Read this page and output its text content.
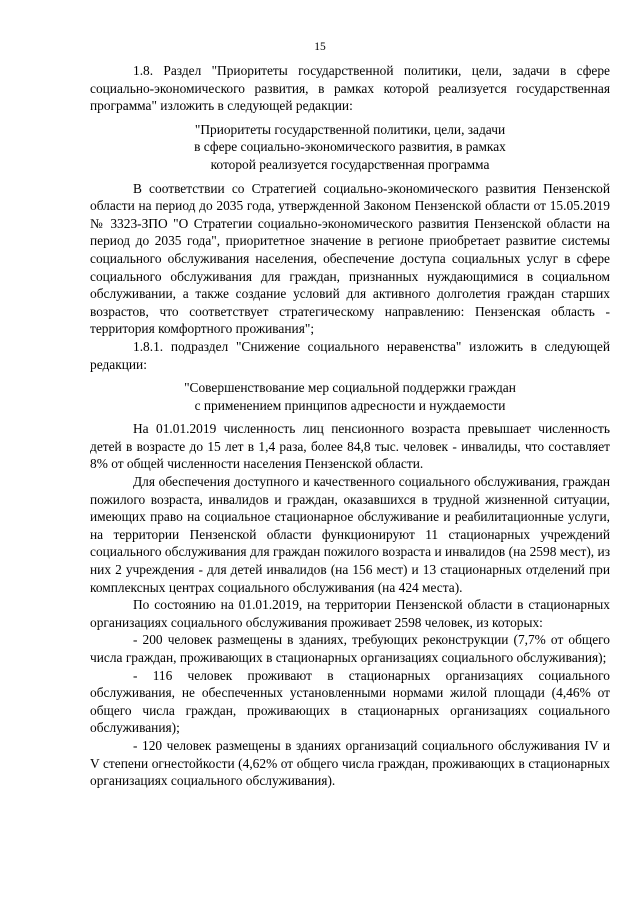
15

1.8. Раздел "Приоритеты государственной политики, цели, задачи в сфере социально-экономического развития, в рамках которой реализуется государственная программа" изложить в следующей редакции:

"Приоритеты государственной политики, цели, задачи

в сфере социально-экономического развития, в рамках

которой реализуется государственная программа

В соответствии со Стратегией социально-экономического развития Пензенской области на период до 2035 года, утвержденной Законом Пензенской области от 15.05.2019 № 3323-ЗПО "О Стратегии социально-экономического развития Пензенской области на период до 2035 года", приоритетное значение в регионе приобретает развитие системы социального обслуживания населения, обеспечение доступа социальных услуг в сфере социального обслуживания для граждан, признанных нуждающимися в социальном обслуживании, а также создание условий для активного долголетия граждан старших возрастов, что соответствует стратегическому направлению: Пензенская область - территория комфортного проживания";

1.8.1. подраздел "Снижение социального неравенства" изложить в следующей редакции:

"Совершенствование мер социальной поддержки граждан

с применением принципов адресности и нуждаемости

На 01.01.2019 численность лиц пенсионного возраста превышает численность детей в возрасте до 15 лет в 1,4 раза, более 84,8 тыс. человек - инвалиды, что составляет 8% от общей численности населения Пензенской области.

Для обеспечения доступного и качественного социального обслуживания, граждан пожилого возраста, инвалидов и граждан, оказавшихся в трудной жизненной ситуации, имеющих право на социальное стационарное обслуживание и реабилитационные услуги, на территории Пензенской области функционируют 11 стационарных учреждений социального обслуживания для граждан пожилого возраста и инвалидов (на 2598 мест), из них 2 учреждения - для детей инвалидов (на 156 мест) и 13 стационарных отделений при комплексных центрах социального обслуживания (на 424 места).

По состоянию на 01.01.2019, на территории Пензенской области в стационарных организациях социального обслуживания проживает 2598 человек, из которых:

- 200 человек размещены в зданиях, требующих реконструкции (7,7% от общего числа граждан, проживающих в стационарных организациях социального обслуживания);

- 116 человек проживают в стационарных организациях социального обслуживания, не обеспеченных установленными нормами жилой площади (4,46% от общего числа граждан, проживающих в стационарных организациях социального обслуживания);

- 120 человек размещены в зданиях организаций социального обслуживания IV и V степени огнестойкости (4,62% от общего числа граждан, проживающих в стационарных организациях социального обслуживания).
